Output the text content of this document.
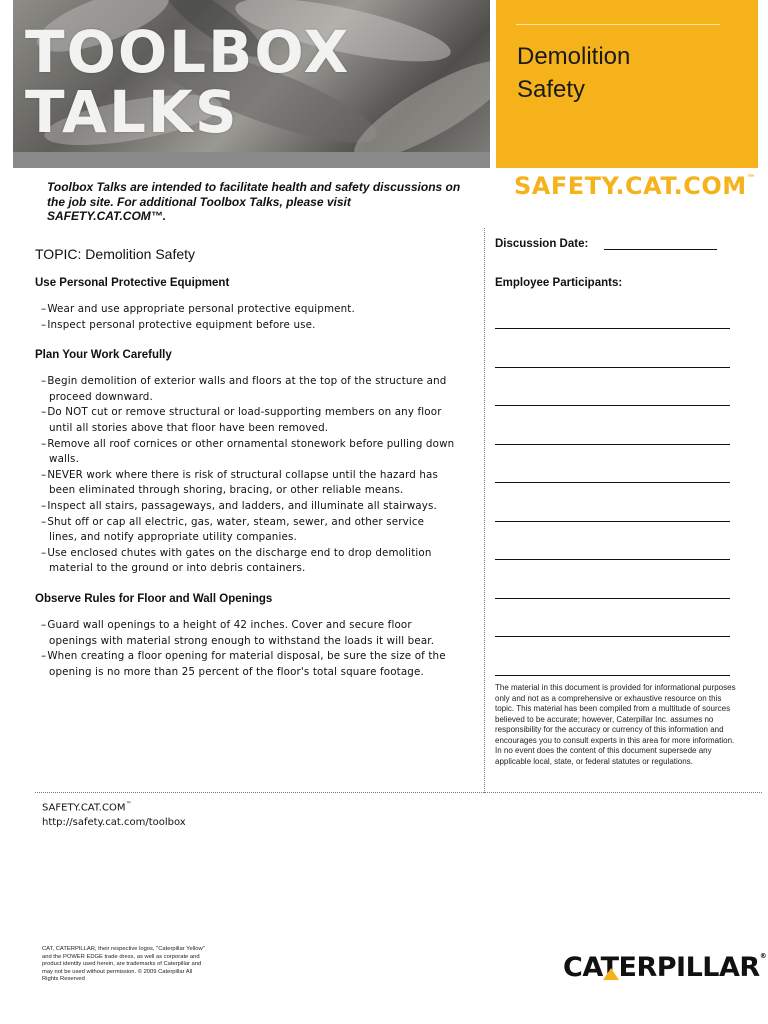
TOOLBOX
TALKS
Demolition
Safety
SAFETY.CAT.COM™
Toolbox Talks are intended to facilitate health and safety discussions on the job site. For additional Toolbox Talks, please visit SAFETY.CAT.COM™.
TOPIC: Demolition Safety
Use Personal Protective Equipment
– Wear and use appropriate personal protective equipment.
– Inspect personal protective equipment before use.
Plan Your Work Carefully
– Begin demolition of exterior walls and floors at the top of the structure and proceed downward.
– Do NOT cut or remove structural or load-supporting members on any floor until all stories above that floor have been removed.
– Remove all roof cornices or other ornamental stonework before pulling down walls.
– NEVER work where there is risk of structural collapse until the hazard has been eliminated through shoring, bracing, or other reliable means.
– Inspect all stairs, passageways, and ladders, and illuminate all stairways.
– Shut off or cap all electric, gas, water, steam, sewer, and other service lines, and notify appropriate utility companies.
– Use enclosed chutes with gates on the discharge end to drop demolition material to the ground or into debris containers.
Observe Rules for Floor and Wall Openings
– Guard wall openings to a height of 42 inches. Cover and secure floor openings with material strong enough to withstand the loads it will bear.
– When creating a floor opening for material disposal, be sure the size of the opening is no more than 25 percent of the floor's total square footage.
Discussion Date:
Employee Participants:
The material in this document is provided for informational purposes only and not as a comprehensive or exhaustive resource on this topic. This material has been compiled from a multitude of sources believed to be accurate; however, Caterpillar Inc. assumes no responsibility for the accuracy or currency of this information and encourages you to consult experts in this area for more information. In no event does the content of this document supersede any applicable local, state, or federal statutes or regulations.
SAFETY.CAT.COM™
http://safety.cat.com/toolbox
CAT, CATERPILLAR, their respective logos, "Caterpillar Yellow" and the POWER EDGE trade dress, as well as corporate and product identity used herein, are trademarks of Caterpillar and may not be used without permission. © 2009 Caterpillar All Rights Reserved	CATERPILLAR®
